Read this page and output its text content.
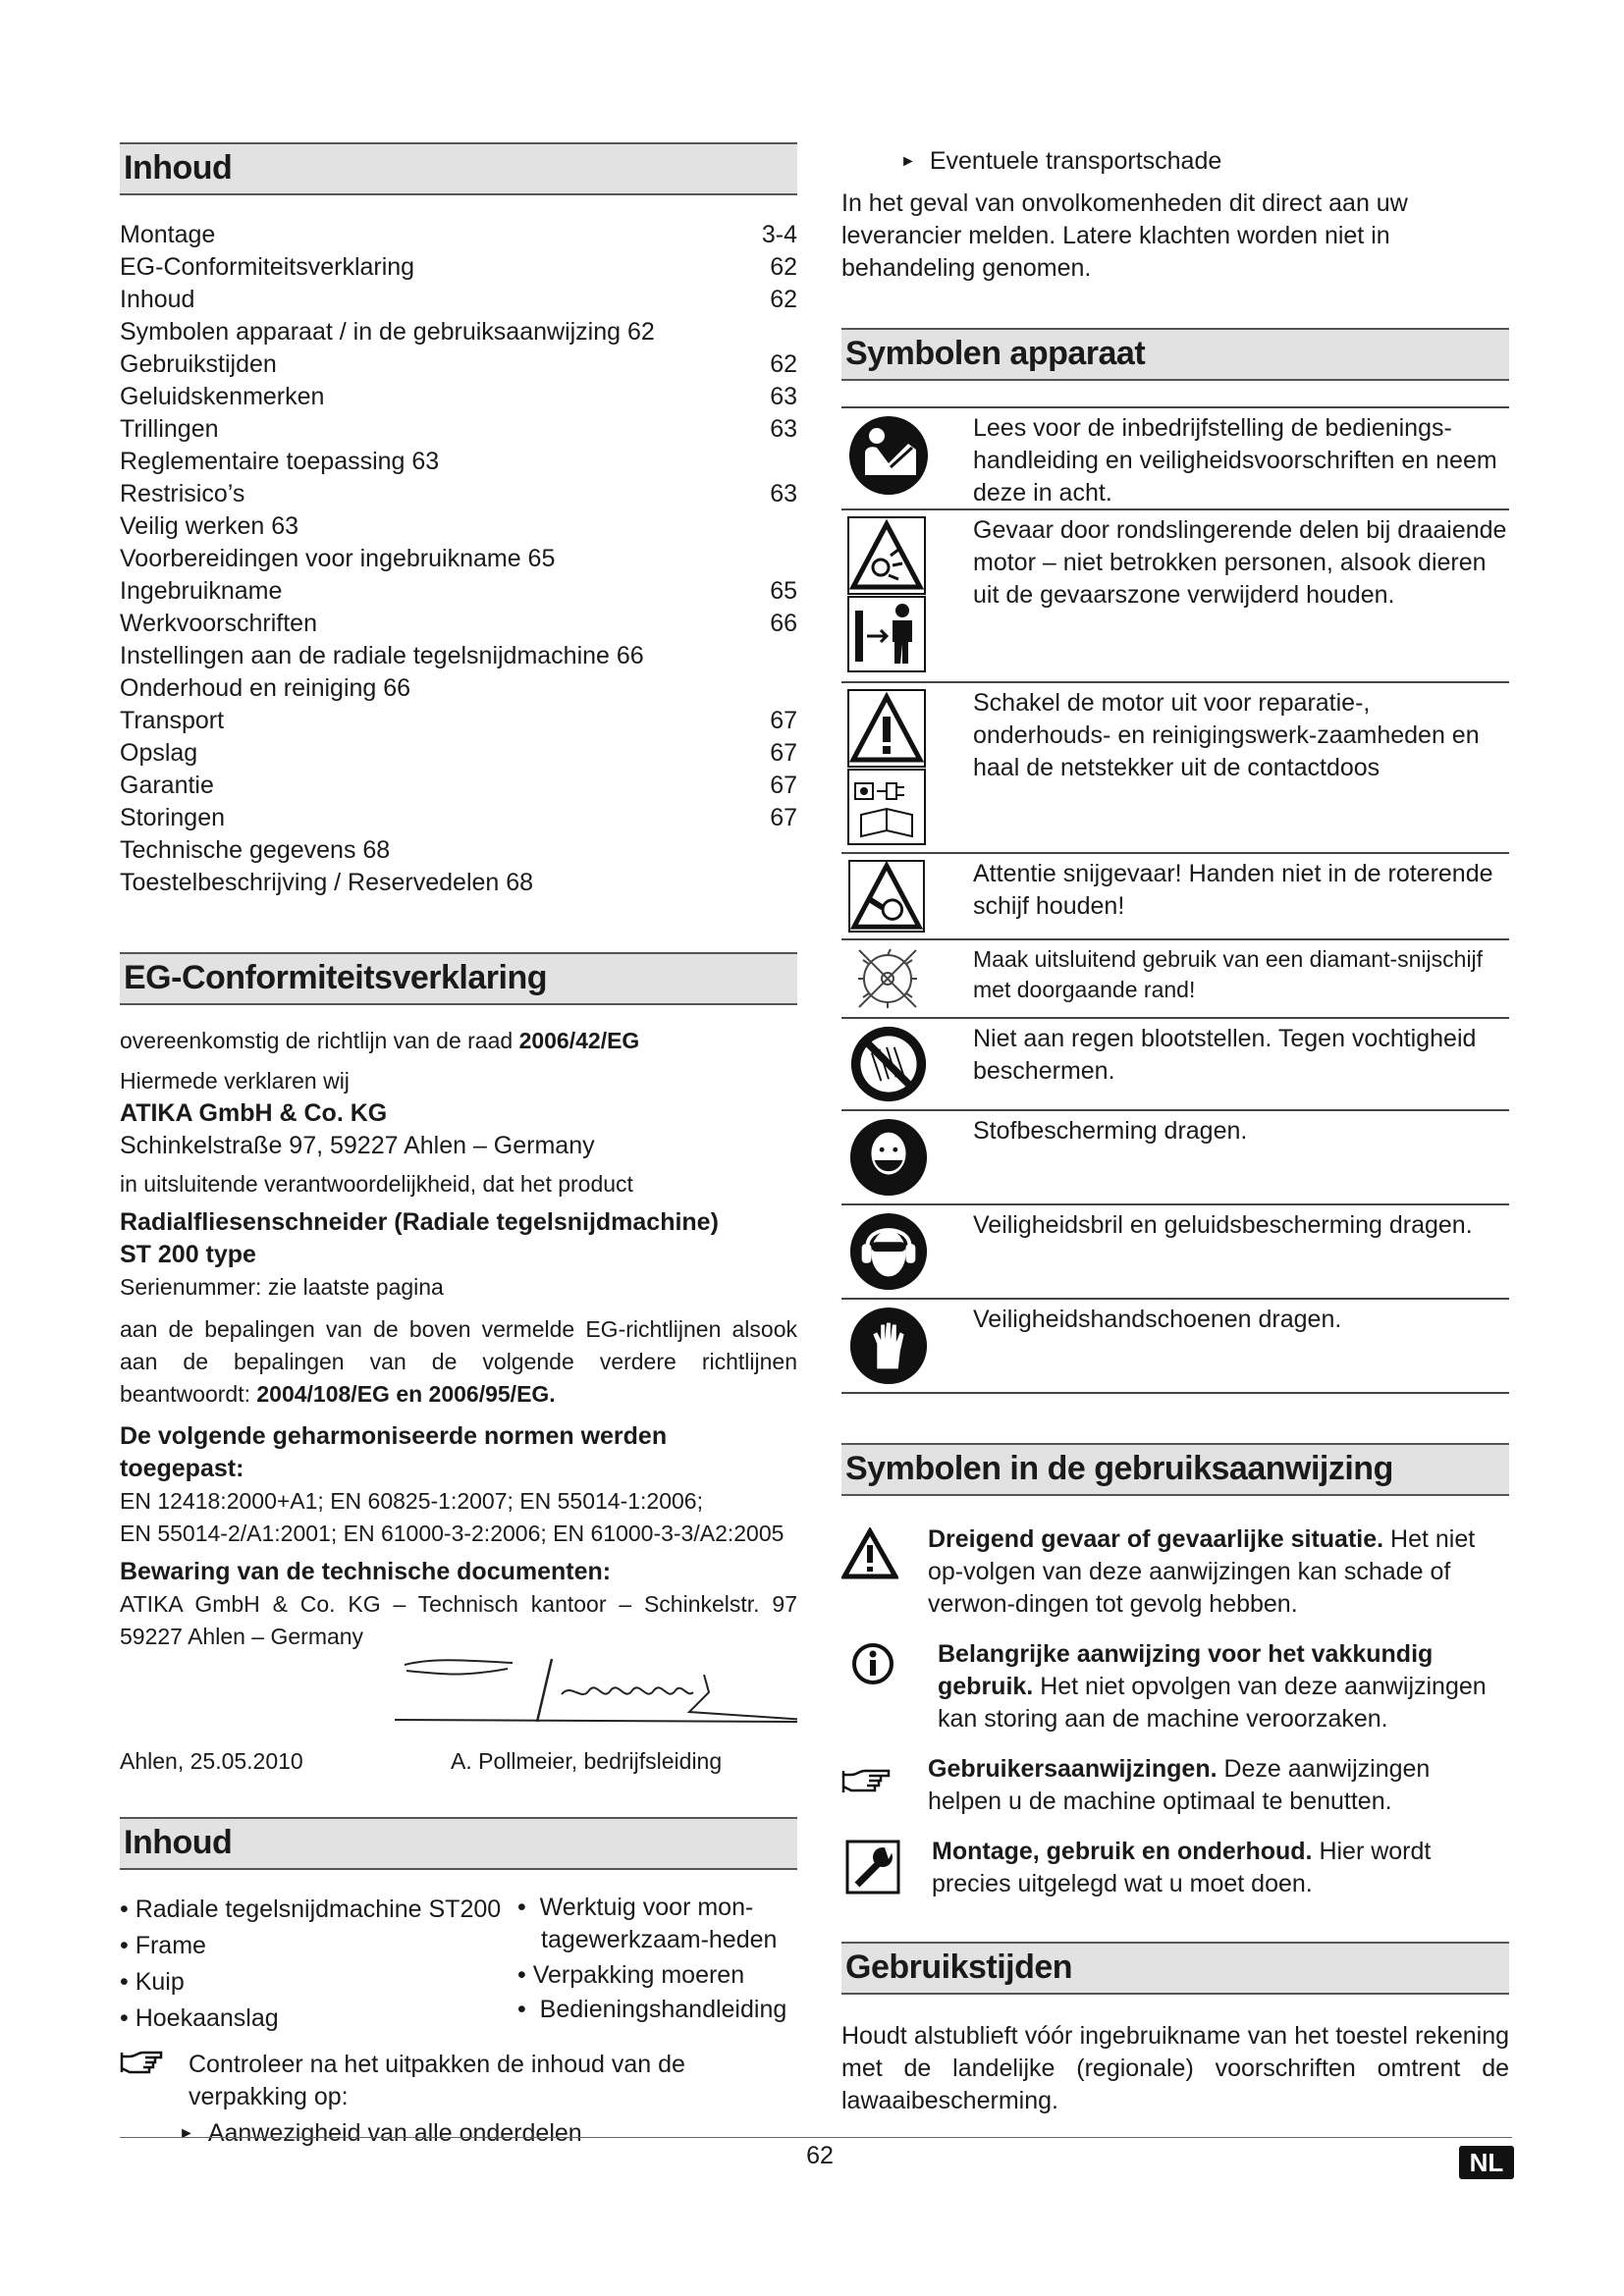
Inhoud
Montage	3-4
EG-Conformiteitsverklaring	62
Inhoud	62
Symbolen apparaat / in de gebruiksaanwijzing 62
Gebruikstijden	62
Geluidskenmerken	63
Trillingen	63
Reglementaire toepassing 63
Restrisico’s	63
Veilig werken 63
Voorbereidingen voor ingebruikname 65
Ingebruikname	65
Werkvoorschriften	66
Instellingen aan de radiale tegelsnijdmachine 66
Onderhoud en reiniging 66
Transport	67
Opslag	67
Garantie	67
Storingen	67
Technische gegevens 68
Toestelbeschrijving / Reservedelen 68
EG-Conformiteitsverklaring
overeenkomstig de richtlijn van de raad 2006/42/EG
Hiermede verklaren wij
ATIKA GmbH & Co. KG
Schinkelstraße 97, 59227 Ahlen – Germany
in uitsluitende verantwoordelijkheid, dat het product
Radialfliesenschneider (Radiale tegelsnijdmachine)
ST 200 type
Serienummer: zie laatste pagina
aan de bepalingen van de boven vermelde EG-richtlijnen alsook aan de bepalingen van de volgende verdere richtlijnen beantwoordt: 2004/108/EG en 2006/95/EG.
De volgende geharmoniseerde normen werden toegepast:
EN 12418:2000+A1; EN 60825-1:2007; EN 55014-1:2006;
EN 55014-2/A1:2001; EN 61000-3-2:2006; EN 61000-3-3/A2:2005
Bewaring van de technische documenten:
ATIKA GmbH & Co. KG – Technisch kantoor – Schinkelstr. 97
59227 Ahlen – Germany
Ahlen, 25.05.2010	A. Pollmeier, bedrijfsleiding
Inhoud
• Radiale tegelsnijdmachine ST200
• Frame
• Kuip
• Hoekaanslag
•  Werktuig voor mon-
tagewerkzaam-heden
• Verpakking moeren
•  Bedieningshandleiding
Controleer na het uitpakken de inhoud van de verpakking op:
► Aanwezigheid van alle onderdelen
► Eventuele transportschade
In het geval van onvolkomenheden dit direct aan uw leverancier melden. Latere klachten worden niet in behandeling genomen.
Symbolen apparaat
Lees voor de inbedrijfstelling de bedienings-handleiding en veiligheidsvoorschriften en neem deze in acht.
Gevaar door rondslingerende delen bij draaiende motor – niet betrokken personen, alsook dieren uit de gevaarszone verwijderd houden.
Schakel de motor uit voor reparatie-, onderhouds- en reinigingswerk-zaamheden en haal de netstekker uit de contactdoos
Attentie snijgevaar! Handen niet in de roterende schijf houden!
Maak uitsluitend gebruik van een diamant-snijschijf met doorgaande rand!
Niet aan regen blootstellen. Tegen vochtigheid beschermen.
Stofbescherming dragen.
Veiligheidsbril en geluidsbescherming dragen.
Veiligheidshandschoenen dragen.
Symbolen in de gebruiksaanwijzing
Dreigend gevaar of gevaarlijke situatie. Het niet op-volgen van deze aanwijzingen kan schade of verwon-dingen tot gevolg hebben.
Belangrijke aanwijzing voor het vakkundig gebruik. Het niet opvolgen van deze aanwijzingen kan storing aan de machine veroorzaken.
Gebruikersaanwijzingen. Deze aanwijzingen helpen u de machine optimaal te benutten.
Montage, gebruik en onderhoud. Hier wordt precies uitgelegd wat u moet doen.
Gebruikstijden
Houdt alstublieft vóór ingebruikname van het toestel rekening met de landelijke (regionale) voorschriften omtrent de lawaaibescherming.
62	NL
